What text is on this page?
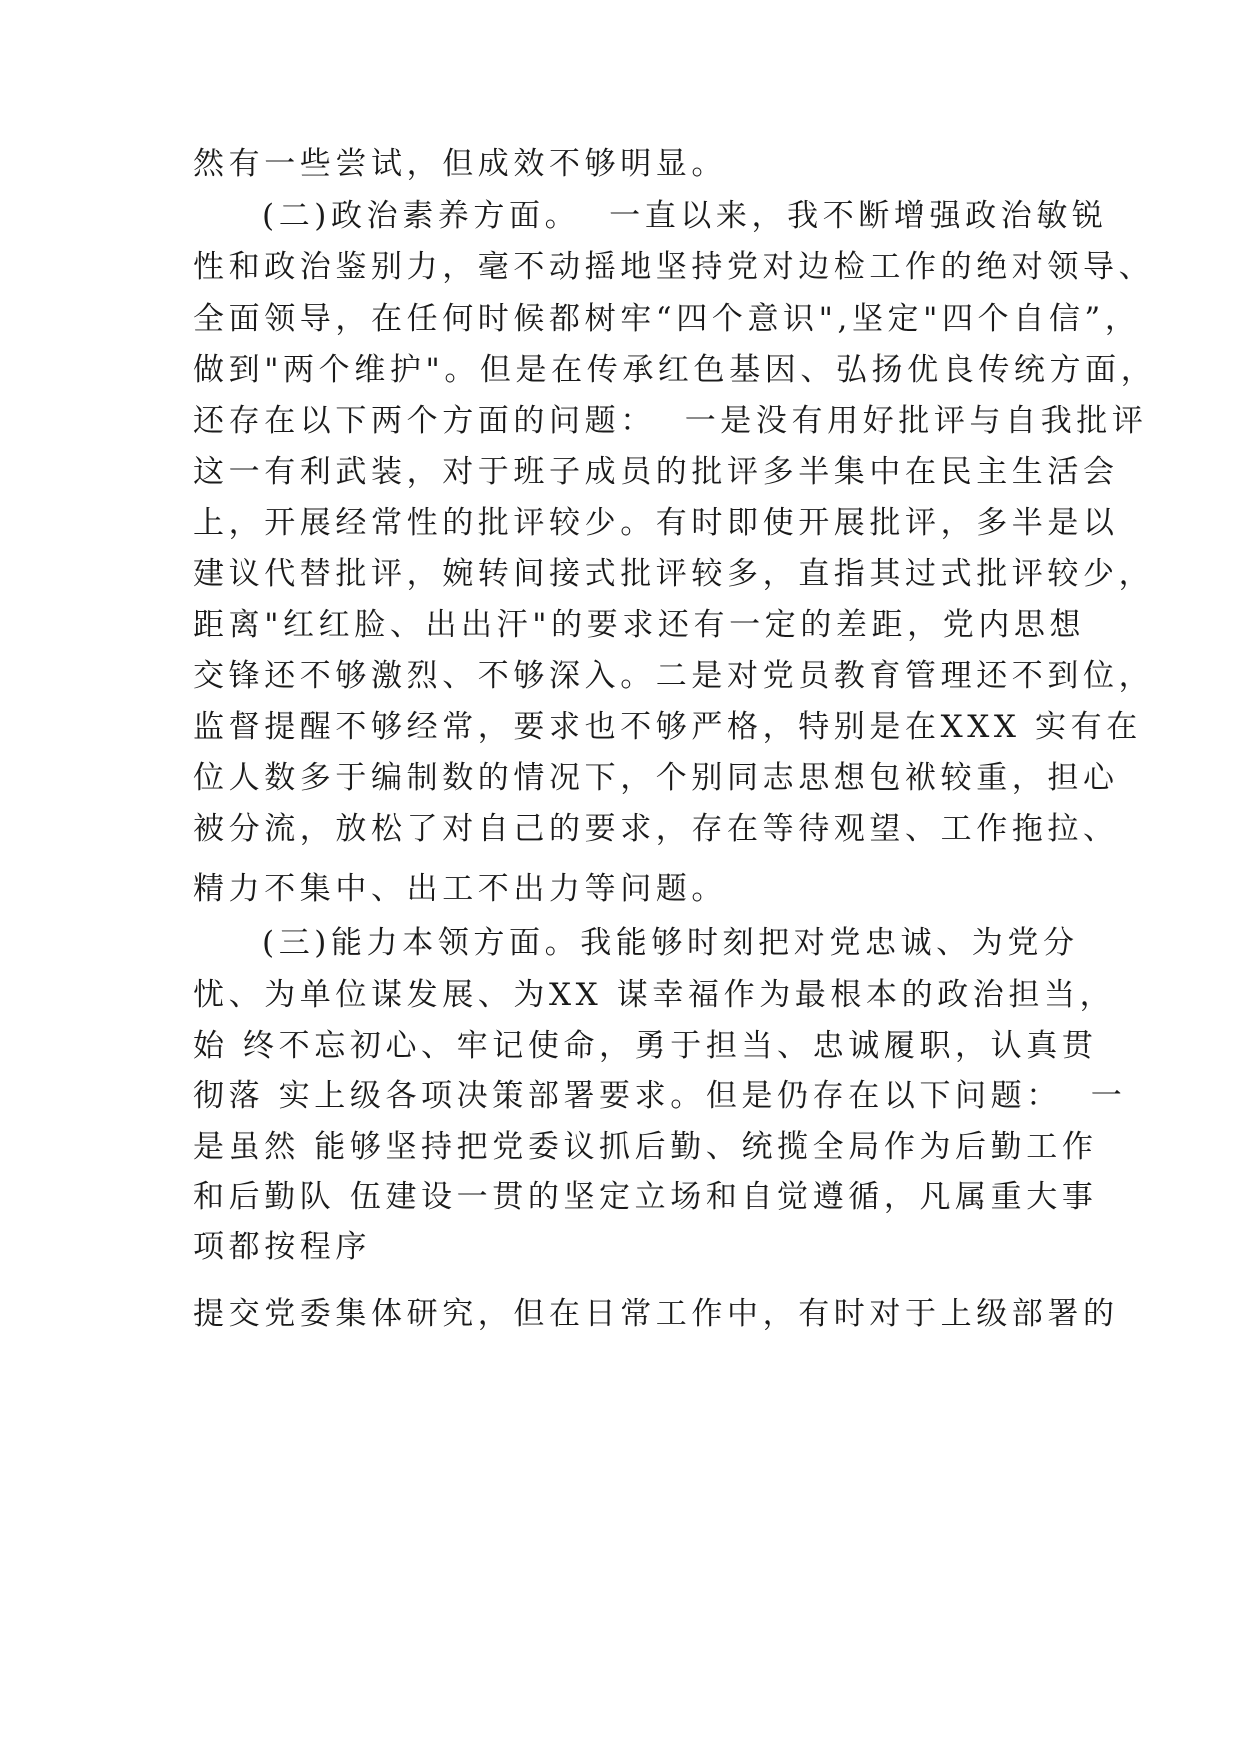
然有一些尝试，但成效不够明显。
(二)政治素养方面。  一直以来，我不断增强政治敏锐
性和政治鉴别力，毫不动摇地坚持党对边检工作的绝对领导、
全面领导，在任何时候都树牢“四个意识",坚定"四个自信”，
做到"两个维护"。但是在传承红色基因、弘扬优良传统方面，
还存在以下两个方面的问题：  一是没有用好批评与自我批评
这一有利武装，对于班子成员的批评多半集中在民主生活会
上，开展经常性的批评较少。有时即使开展批评，多半是以
建议代替批评，婉转间接式批评较多，直指其过式批评较少，
距离"红红脸、出出汗"的要求还有一定的差距，党内思想
交锋还不够激烈、不够深入。二是对党员教育管理还不到位，
监督提醒不够经常，要求也不够严格，特别是在XXX 实有在
位人数多于编制数的情况下，个别同志思想包袱较重，担心
被分流，放松了对自己的要求，存在等待观望、工作拖拉、
精力不集中、出工不出力等问题。
(三)能力本领方面。我能够时刻把对党忠诚、为党分
忧、为单位谋发展、为XX 谋幸福作为最根本的政治担当，
始 终不忘初心、牢记使命，勇于担当、忠诚履职，认真贯
彻落 实上级各项决策部署要求。但是仍存在以下问题：  一
是虽然 能够坚持把党委议抓后勤、统揽全局作为后勤工作
和后勤队 伍建设一贯的坚定立场和自觉遵循，凡属重大事
项都按程序
提交党委集体研究，但在日常工作中，有时对于上级部署的
